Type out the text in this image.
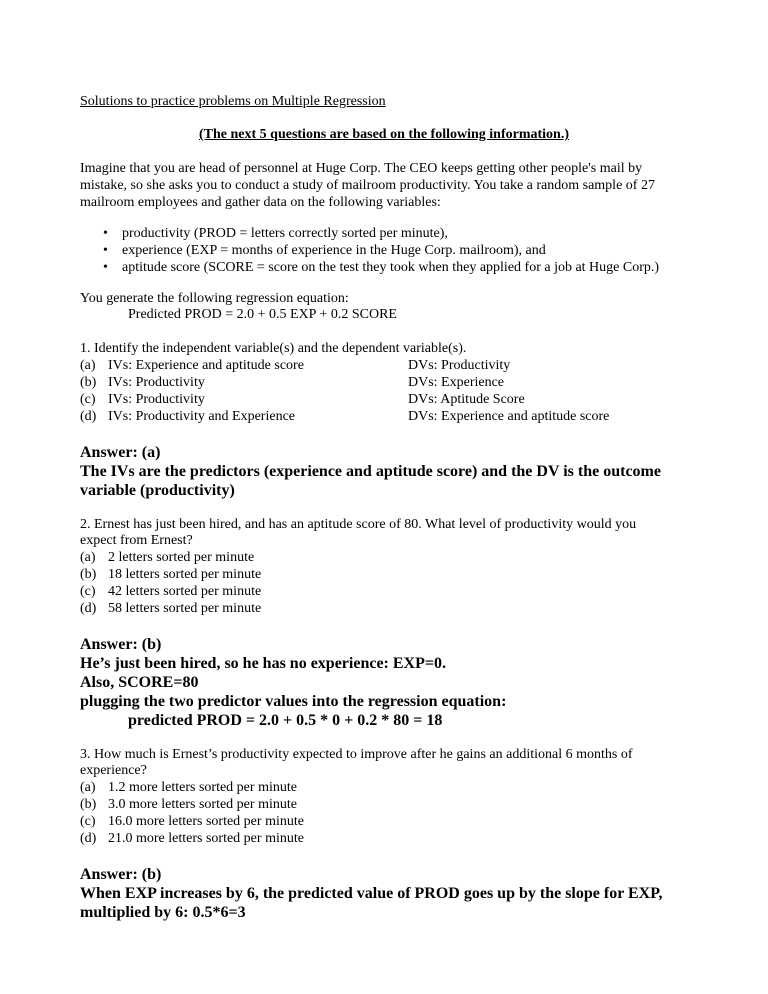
Solutions to practice problems on Multiple Regression

(The next 5 questions are based on the following information.)

Imagine that you are head of personnel at Huge Corp. The CEO keeps getting other people's mail by
mistake, so she asks you to conduct a study of mailroom productivity. You take a random sample of 27
mailroom employees and gather data on the following variables:

• productivity (PROD = letters correctly sorted per minute),
• experience (EXP = months of experience in the Huge Corp. mailroom), and
• aptitude score (SCORE = score on the test they took when they applied for a job at Huge Corp.)

You generate the following regression equation:

Predicted PROD = 2.0 + 0.5 EXP + 0.2 SCORE

1. Identify the independent variable(s) and the dependent variable(s).

(a) IVs: Experience and aptitude score	DVs: Productivity
(b) IVs: Productivity	DVs: Experience
(c) IVs: Productivity	DVs: Aptitude Score
(d) IVs: Productivity and Experience	DVs: Experience and aptitude score

Answer: (a)

The IVs are the predictors (experience and aptitude score) and the DV is the outcome

variable (productivity)

2. Ernest has just been hired, and has an aptitude score of 80. What level of productivity would you

expect from Ernest?

(a) 2 letters sorted per minute
(b) 18 letters sorted per minute
(c) 42 letters sorted per minute
(d) 58 letters sorted per minute

Answer: (b)

He’s just been hired, so he has no experience: EXP=0.

Also, SCORE=80

plugging the two predictor values into the regression equation:

predicted PROD = 2.0 + 0.5 * 0 + 0.2 * 80 = 18

3. How much is Ernest’s productivity expected to improve after he gains an additional 6 months of

experience?

(a) 1.2 more letters sorted per minute
(b) 3.0 more letters sorted per minute
(c) 16.0 more letters sorted per minute
(d) 21.0 more letters sorted per minute

Answer: (b)

When EXP increases by 6, the predicted value of PROD goes up by the slope for EXP,

multiplied by 6: 0.5*6=3
